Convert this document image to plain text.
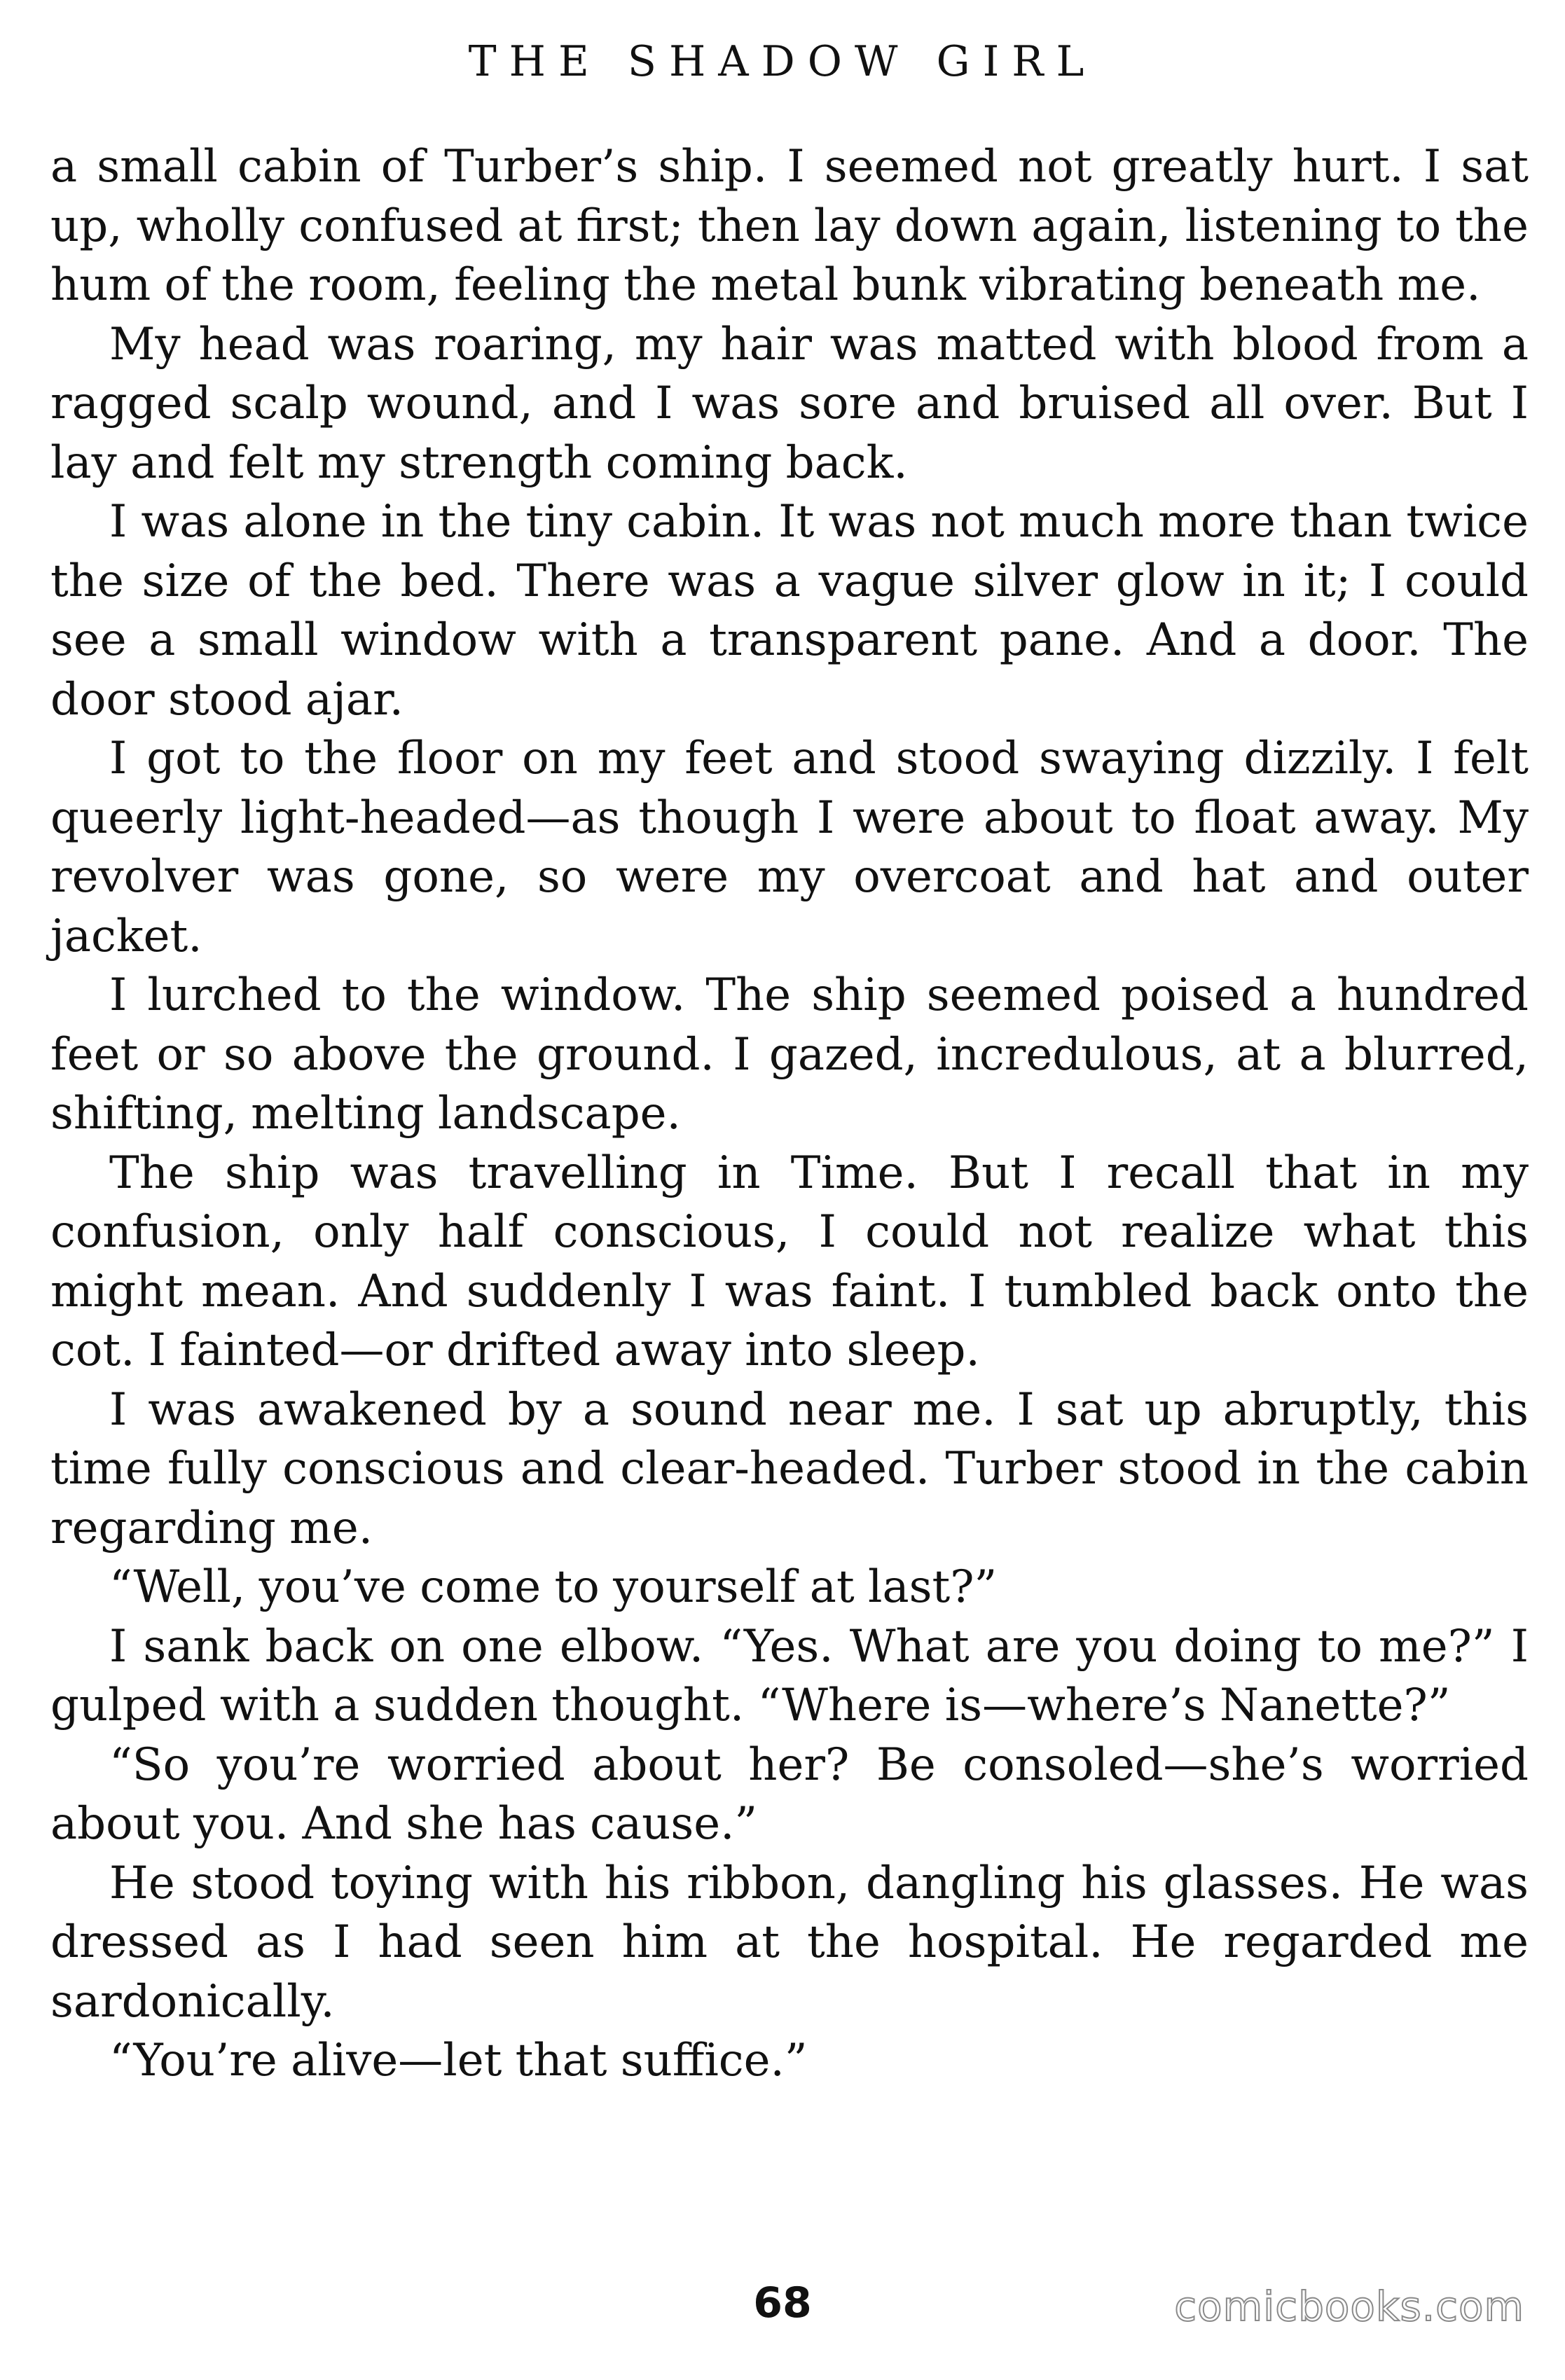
THE SHADOW GIRL

a small cabin of Turber’s ship. I seemed not greatly hurt. I sat up, wholly confused at first; then lay down again, listening to the hum of the room, feeling the metal bunk vibrating beneath me.

My head was roaring, my hair was matted with blood from a ragged scalp wound, and I was sore and bruised all over. But I lay and felt my strength coming back.

I was alone in the tiny cabin. It was not much more than twice the size of the bed. There was a vague silver glow in it; I could see a small window with a transparent pane. And a door. The door stood ajar.

I got to the floor on my feet and stood swaying dizzily. I felt queerly light-headed—as though I were about to float away. My revolver was gone, so were my overcoat and hat and outer jacket.

I lurched to the window. The ship seemed poised a hundred feet or so above the ground. I gazed, incredulous, at a blurred, shifting, melting landscape.

The ship was travelling in Time. But I recall that in my confusion, only half conscious, I could not realize what this might mean. And suddenly I was faint. I tumbled back onto the cot. I fainted—or drifted away into sleep.

I was awakened by a sound near me. I sat up abruptly, this time fully conscious and clear-headed. Turber stood in the cabin regarding me.

“Well, you’ve come to yourself at last?”

I sank back on one elbow. “Yes. What are you doing to me?” I gulped with a sudden thought. “Where is—where’s Nanette?”

“So you’re worried about her? Be consoled—she’s worried about you. And she has cause.”

He stood toying with his ribbon, dangling his glasses. He was dressed as I had seen him at the hospital. He regarded me sardonically.

“You’re alive—let that suffice.”

68	comicbooks.com
